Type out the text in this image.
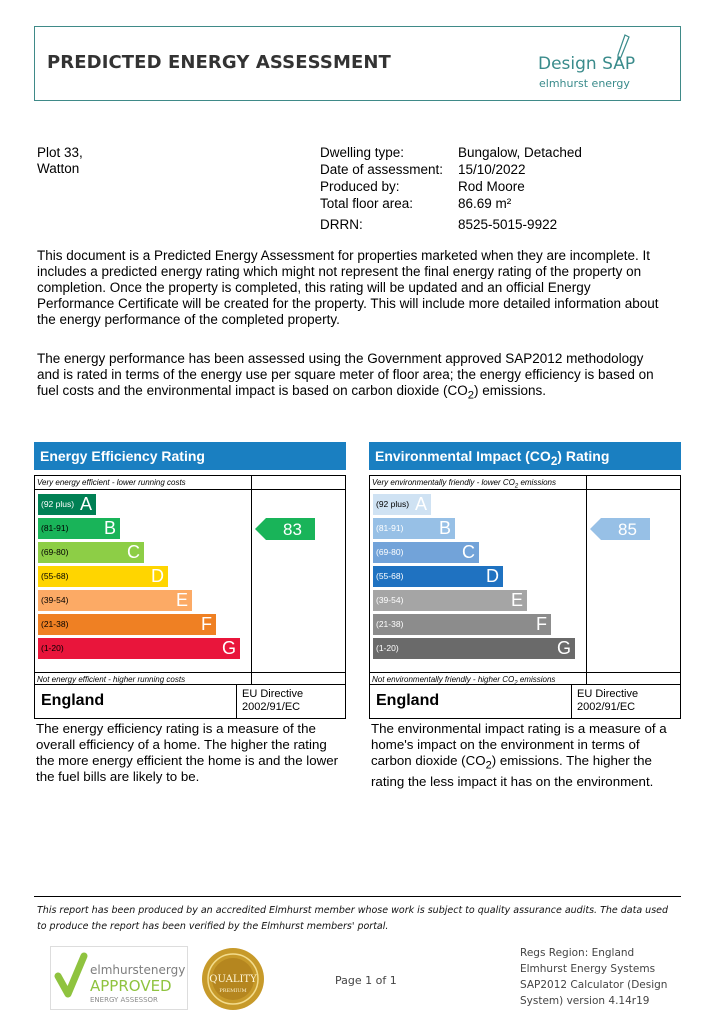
PREDICTED ENERGY ASSESSMENT	Design SAP
elmhurst energy
Plot 33,
Watton
Dwelling type:	Bungalow, Detached
Date of assessment: 15/10/2022
Produced by:	Rod Moore
Total floor area:	86.69 m²
DRRN:	8525-5015-9922
This document is a Predicted Energy Assessment for properties marketed when they are incomplete. It includes a predicted energy rating which might not represent the final energy rating of the property on completion. Once the property is completed, this rating will be updated and an official Energy Performance Certificate will be created for the property. This will include more detailed information about the energy performance of the completed property.
The energy performance has been assessed using the Government approved SAP2012 methodology and is rated in terms of the energy use per square meter of floor area; the energy efficiency is based on fuel costs and the environmental impact is based on carbon dioxide $(CO_2)$ emissions.
Energy Efficiency Rating
Very energy efficient - lower running costs
Not energy efficient - higher running costs
(92 plus) A
(81-91) B
(69-80)	C
(55-68)	D
(39-54)	E
(21-38)	F
(1-20)	G
83
England	EU Directive
2002/91/EC
The energy efficiency rating is a measure of the overall efficiency of a home. The higher the rating the more energy efficient the home is and the lower the fuel bills are likely to be.
Environmental Impact $(CO_2)$ Rating
Very environmentally friendly - lower $CO_2$ emissions
Not environmentally friendly - higher $CO_2$ emissions
(92 plus) A
(81-91) B
(69-80)	C
(55-68)	D
(39-54)	E
(21-38)	F
(1-20)	G
85
England	EU Directive
2002/91/EC
The environmental impact rating is a measure of a home's impact on the environment in terms of carbon dioxide $(CO_2)$ emissions. The higher the rating the less impact it has on the environment.
This report has been produced by an accredited Elmhurst member whose work is subject to quality assurance audits. The data used to produce the report has been verified by the Elmhurst members' portal.
elmhurstenergy
APPROVED
ENERGY ASSESSOR
QUALITY
PREMIUM
Page 1 of 1
Regs Region: England
Elmhurst Energy Systems
SAP2012 Calculator (Design
System) version 4.14r19
